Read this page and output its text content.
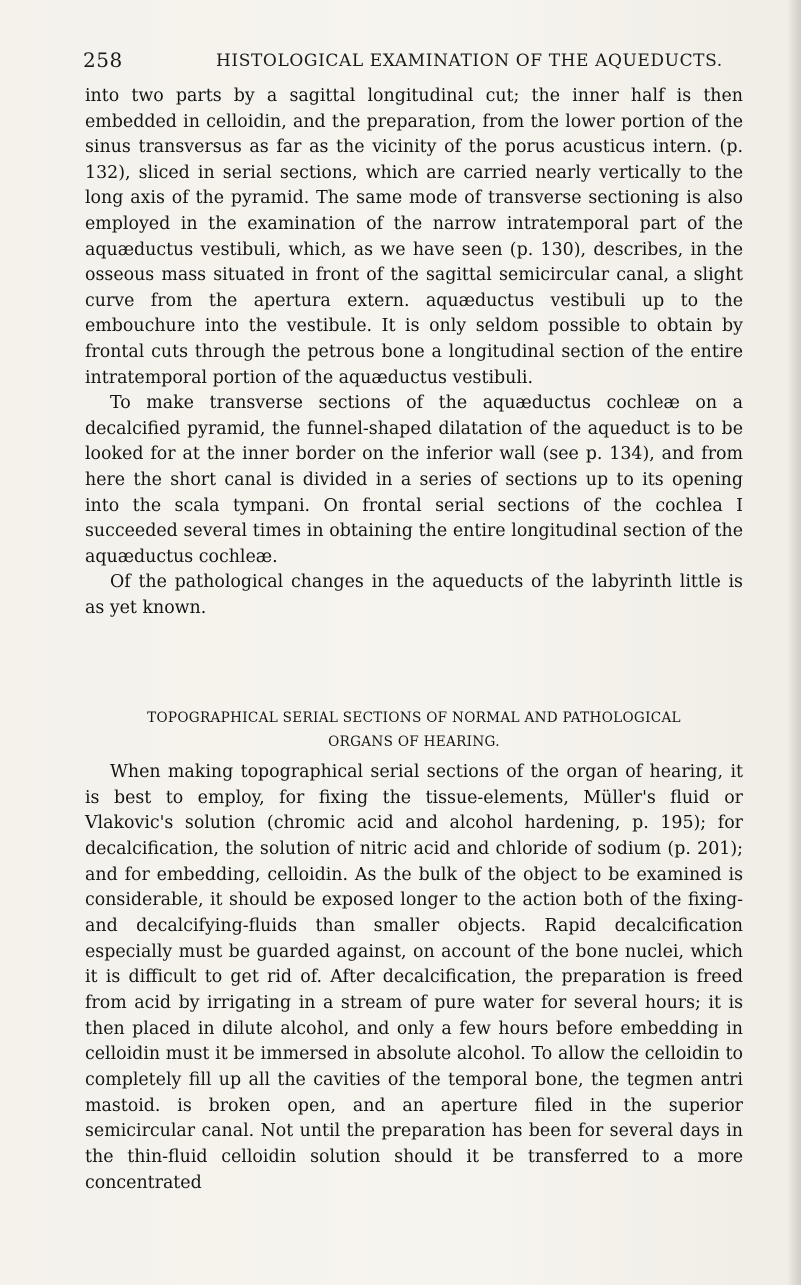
258	HISTOLOGICAL EXAMINATION OF THE AQUEDUCTS.

into two parts by a sagittal longitudinal cut; the inner half is then embedded in celloidin, and the preparation, from the lower portion of the sinus transversus as far as the vicinity of the porus acusticus intern. (p. 132), sliced in serial sections, which are carried nearly vertically to the long axis of the pyramid. The same mode of transverse sectioning is also employed in the examination of the narrow intratemporal part of the aquæductus vestibuli, which, as we have seen (p. 130), describes, in the osseous mass situated in front of the sagittal semicircular canal, a slight curve from the apertura extern. aquæductus vestibuli up to the embouchure into the vestibule. It is only seldom possible to obtain by frontal cuts through the petrous bone a longitudinal section of the entire intratemporal portion of the aquæductus vestibuli.

To make transverse sections of the aquæductus cochleæ on a decalcified pyramid, the funnel-shaped dilatation of the aqueduct is to be looked for at the inner border on the inferior wall (see p. 134), and from here the short canal is divided in a series of sections up to its opening into the scala tympani. On frontal serial sections of the cochlea I succeeded several times in obtaining the entire longitudinal section of the aquæductus cochleæ.

Of the pathological changes in the aqueducts of the labyrinth little is as yet known.

TOPOGRAPHICAL SERIAL SECTIONS OF NORMAL AND PATHOLOGICAL
ORGANS OF HEARING.

When making topographical serial sections of the organ of hearing, it is best to employ, for fixing the tissue-elements, Müller's fluid or Vlakovic's solution (chromic acid and alcohol hardening, p. 195); for decalcification, the solution of nitric acid and chloride of sodium (p. 201); and for embedding, celloidin. As the bulk of the object to be examined is considerable, it should be exposed longer to the action both of the fixing- and decalcifying-fluids than smaller objects. Rapid decalcification especially must be guarded against, on account of the bone nuclei, which it is difficult to get rid of. After decalcification, the preparation is freed from acid by irrigating in a stream of pure water for several hours; it is then placed in dilute alcohol, and only a few hours before embedding in celloidin must it be immersed in absolute alcohol. To allow the celloidin to completely fill up all the cavities of the temporal bone, the tegmen antri mastoid. is broken open, and an aperture filed in the superior semicircular canal. Not until the preparation has been for several days in the thin-fluid celloidin solution should it be transferred to a more concentrated
